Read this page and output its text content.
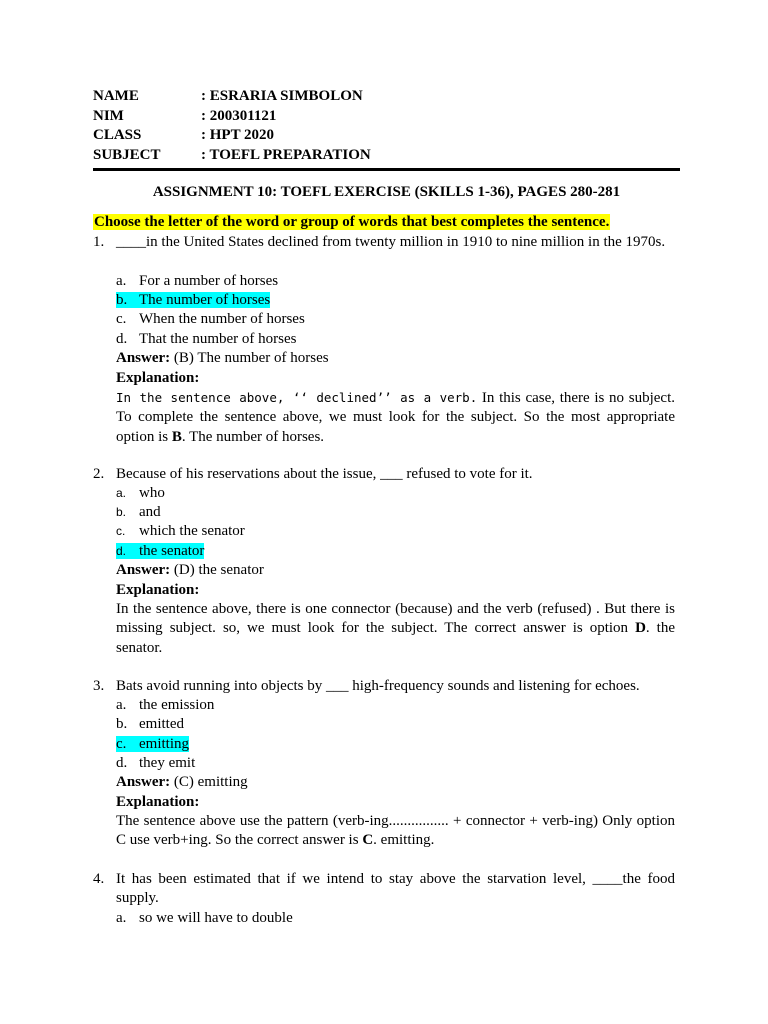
NAME	: ESRARIA SIMBOLON
NIM	: 200301121
CLASS	: HPT 2020
SUBJECT	: TOEFL PREPARATION
ASSIGNMENT 10: TOEFL EXERCISE (SKILLS 1-36), PAGES 280-281
Choose the letter of the word or group of words that best completes the sentence.
1. ____in the United States declined from twenty million in 1910 to nine million in the 1970s.
a. For a number of horses
b. The number of horses
c. When the number of horses
d. That the number of horses
Answer: (B) The number of horses
Explanation:
In the sentence above, ‘‘ declined’’ as a verb. In this case, there is no subject. To complete the sentence above, we must look for the subject. So the most appropriate option is B. The number of horses.
2. Because of his reservations about the issue, ___ refused to vote for it.
a. who
b. and
c. which the senator
d. the senator
Answer: (D) the senator
Explanation:
In the sentence above, there is one connector (because) and the verb (refused) . But there is missing subject. so, we must look for the subject. The correct answer is option D. the senator.
3. Bats avoid running into objects by ___ high-frequency sounds and listening for echoes.
a. the emission
b. emitted
c. emitting
d. they emit
Answer: (C) emitting
Explanation:
The sentence above use the pattern (verb-ing................ + connector + verb-ing) Only option C use verb+ing. So the correct answer is C. emitting.
4. It has been estimated that if we intend to stay above the starvation level, ____the food supply.
a. so we will have to double
